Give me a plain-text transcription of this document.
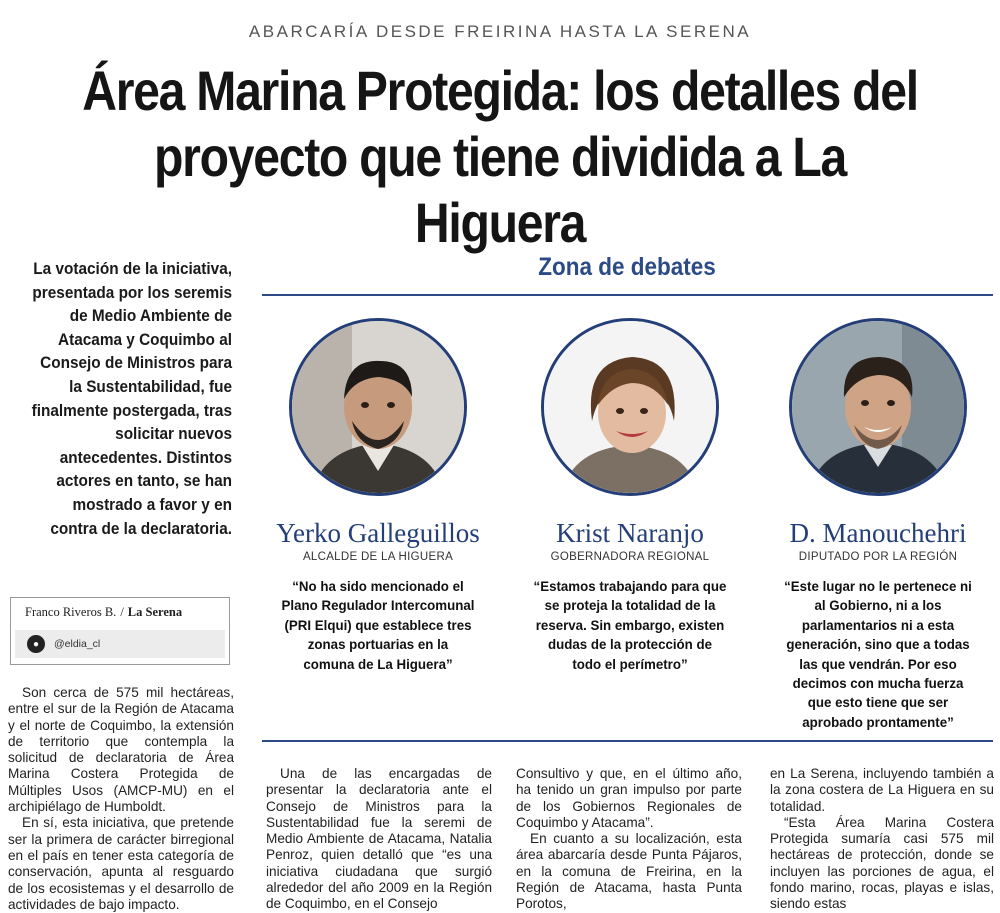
ABARCARÍA DESDE FREIRINA HASTA LA SERENA
Área Marina Protegida: los detalles del
proyecto que tiene dividida a La Higuera
La votación de la iniciativa, presentada por los seremis de Medio Ambiente de Atacama y Coquimbo al Consejo de Ministros para la Sustentabilidad, fue finalmente postergada, tras solicitar nuevos antecedentes. Distintos actores en tanto, se han mostrado a favor y en contra de la declaratoria.
Franco Riveros B. / La Serena
●	@eldia_cl
Zona de debates
Yerko Galleguillos
ALCALDE DE LA HIGUERA
“No ha sido mencionado el Plano Regulador Intercomunal (PRI Elqui) que establece tres zonas portuarias en la comuna de La Higuera”
Krist Naranjo
GOBERNADORA REGIONAL
“Estamos trabajando para que se proteja la totalidad de la reserva. Sin embargo, existen dudas de la protección de todo el perímetro”
D. Manouchehri
DIPUTADO POR LA REGIÓN
“Este lugar no le pertenece ni al Gobierno, ni a los parlamentarios ni a esta generación, sino que a todas las que vendrán. Por eso decimos con mucha fuerza que esto tiene que ser aprobado prontamente”

Son cerca de 575 mil hectáreas, entre el sur de la Región de Atacama y el norte de Coquimbo, la extensión de territorio que contempla la solicitud de declaratoria de Área Marina Costera Protegida de Múltiples Usos (AMCP-MU) en el archipiélago de Humboldt.

En sí, esta iniciativa, que pretende ser la primera de carácter birregional en el país en tener esta categoría de conservación, apunta al resguardo de los ecosistemas y el desarrollo de actividades de bajo impacto.

Una de las encargadas de presentar la declaratoria ante el Consejo de Ministros para la Sustentabilidad fue la seremi de Medio Ambiente de Atacama, Natalia Penroz, quien detalló que “es una iniciativa ciudadana que surgió alrededor del año 2009 en la Región de Coquimbo, en el Consejo

Consultivo y que, en el último año, ha tenido un gran impulso por parte de los Gobiernos Regionales de Coquimbo y Atacama”.

En cuanto a su localización, esta área abarcaría desde Punta Pájaros, en la comuna de Freirina, en la Región de Atacama, hasta Punta Porotos,

en La Serena, incluyendo también a la zona costera de La Higuera en su totalidad.

“Esta Área Marina Costera Protegida sumaría casi 575 mil hectáreas de protección, donde se incluyen las porciones de agua, el fondo marino, rocas, playas e islas, siendo estas
